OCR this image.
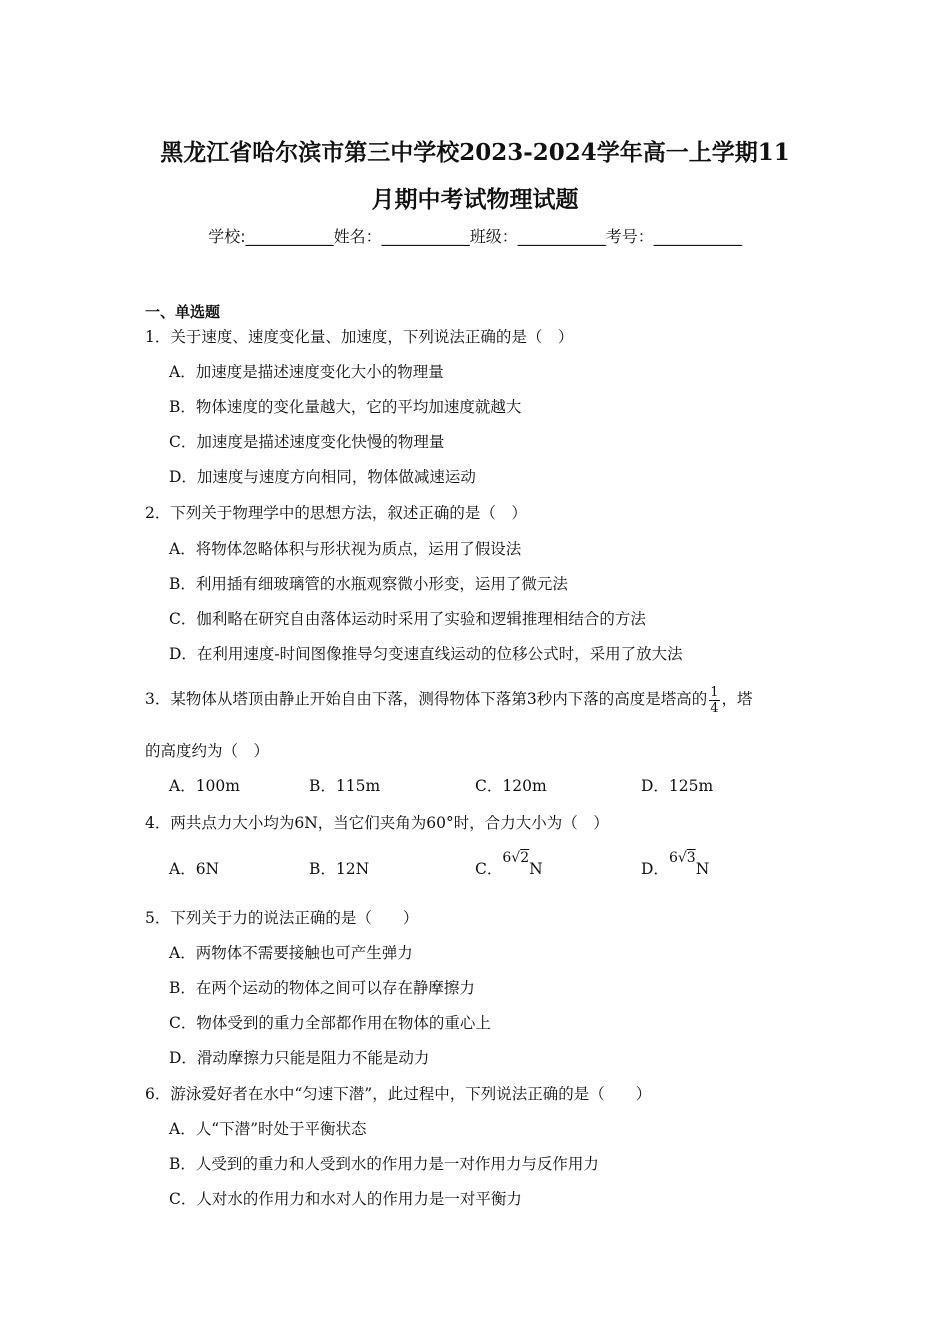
黑龙江省哈尔滨市第三中学校2023-2024学年高一上学期11
月期中考试物理试题
学校:___________姓名：___________班级：___________考号：___________
一、单选题
1．关于速度、速度变化量、加速度，下列说法正确的是（　）
A．加速度是描述速度变化大小的物理量
B．物体速度的变化量越大，它的平均加速度就越大
C．加速度是描述速度变化快慢的物理量
D．加速度与速度方向相同，物体做减速运动
2．下列关于物理学中的思想方法，叙述正确的是（　）
A．将物体忽略体积与形状视为质点，运用了假设法
B．利用插有细玻璃管的水瓶观察微小形变，运用了微元法
C．伽利略在研究自由落体运动时采用了实验和逻辑推理相结合的方法
D．在利用速度-时间图像推导匀变速直线运动的位移公式时，采用了放大法
3．某物体从塔顶由静止开始自由下落，测得物体下落第3秒内下落的高度是塔高的 $\frac{1}{4}$ ，塔
的高度约为（　）
A．100m	B．115m	C．120m	D．125m
4．两共点力大小均为6N，当它们夹角为60°时，合力大小为（　）
A．6N	B．12N	C．6√2N	D．6√3N
5．下列关于力的说法正确的是（　　）
A．两物体不需要接触也可产生弹力
B．在两个运动的物体之间可以存在静摩擦力
C．物体受到的重力全部都作用在物体的重心上
D．滑动摩擦力只能是阻力不能是动力
6．游泳爱好者在水中“匀速下潜”，此过程中，下列说法正确的是（　　）
A．人“下潜”时处于平衡状态
B．人受到的重力和人受到水的作用力是一对作用力与反作用力
C．人对水的作用力和水对人的作用力是一对平衡力
